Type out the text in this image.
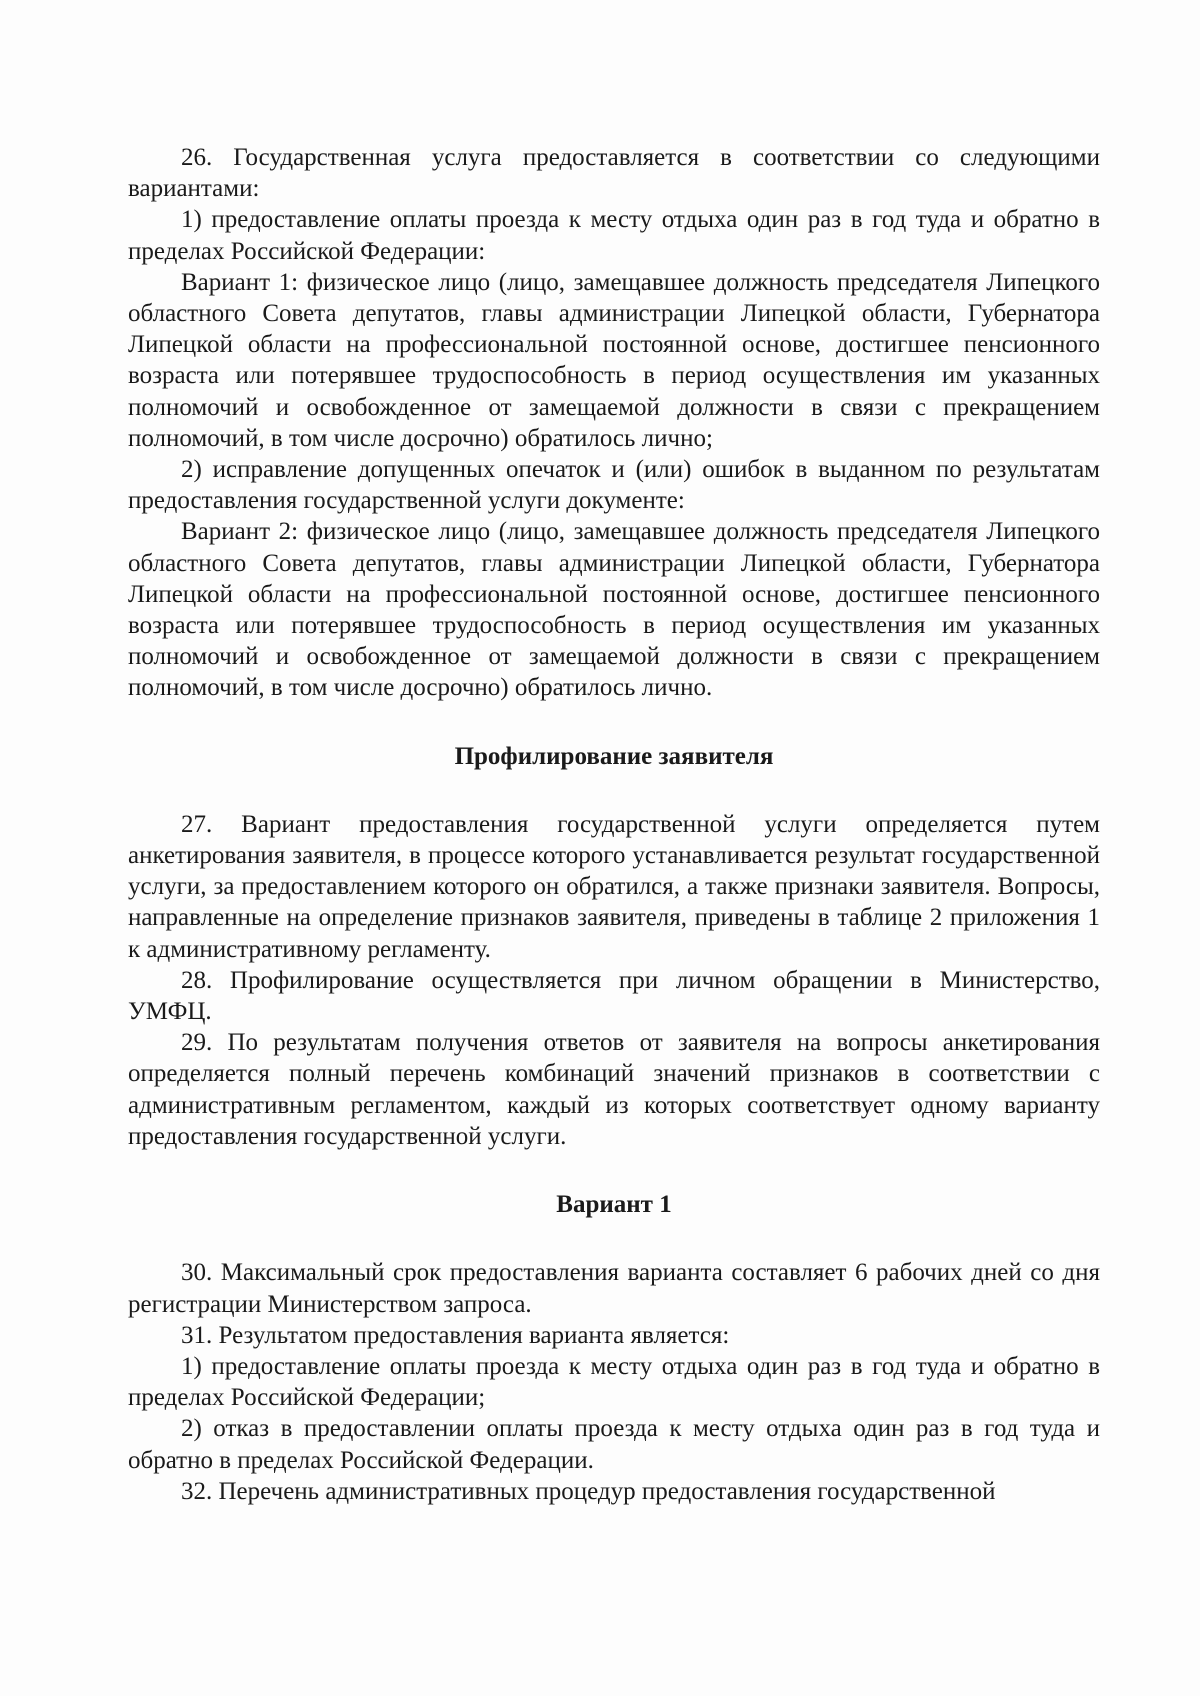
26. Государственная услуга предоставляется в соответствии со следующими вариантами:

1) предоставление оплаты проезда к месту отдыха один раз в год туда и обратно в пределах Российской Федерации:

Вариант 1: физическое лицо (лицо, замещавшее должность председателя Липецкого областного Совета депутатов, главы администрации Липецкой области, Губернатора Липецкой области на профессиональной постоянной основе, достигшее пенсионного возраста или потерявшее трудоспособность в период осуществления им указанных полномочий и освобожденное от замещаемой должности в связи с прекращением полномочий, в том числе досрочно) обратилось лично;

2) исправление допущенных опечаток и (или) ошибок в выданном по результатам предоставления государственной услуги документе:

Вариант 2: физическое лицо (лицо, замещавшее должность председателя Липецкого областного Совета депутатов, главы администрации Липецкой области, Губернатора Липецкой области на профессиональной постоянной основе, достигшее пенсионного возраста или потерявшее трудоспособность в период осуществления им указанных полномочий и освобожденное от замещаемой должности в связи с прекращением полномочий, в том числе досрочно) обратилось лично.

Профилирование заявителя

27. Вариант предоставления государственной услуги определяется путем анкетирования заявителя, в процессе которого устанавливается результат государственной услуги, за предоставлением которого он обратился, а также признаки заявителя. Вопросы, направленные на определение признаков заявителя, приведены в таблице 2 приложения 1 к административному регламенту.

28. Профилирование осуществляется при личном обращении в Министерство, УМФЦ.

29. По результатам получения ответов от заявителя на вопросы анкетирования определяется полный перечень комбинаций значений признаков в соответствии с административным регламентом, каждый из которых соответствует одному варианту предоставления государственной услуги.

Вариант 1

30. Максимальный срок предоставления варианта составляет 6 рабочих дней со дня регистрации Министерством запроса.

31. Результатом предоставления варианта является:

1) предоставление оплаты проезда к месту отдыха один раз в год туда и обратно в пределах Российской Федерации;

2) отказ в предоставлении оплаты проезда к месту отдыха один раз в год туда и обратно в пределах Российской Федерации.

32. Перечень административных процедур предоставления государственной
